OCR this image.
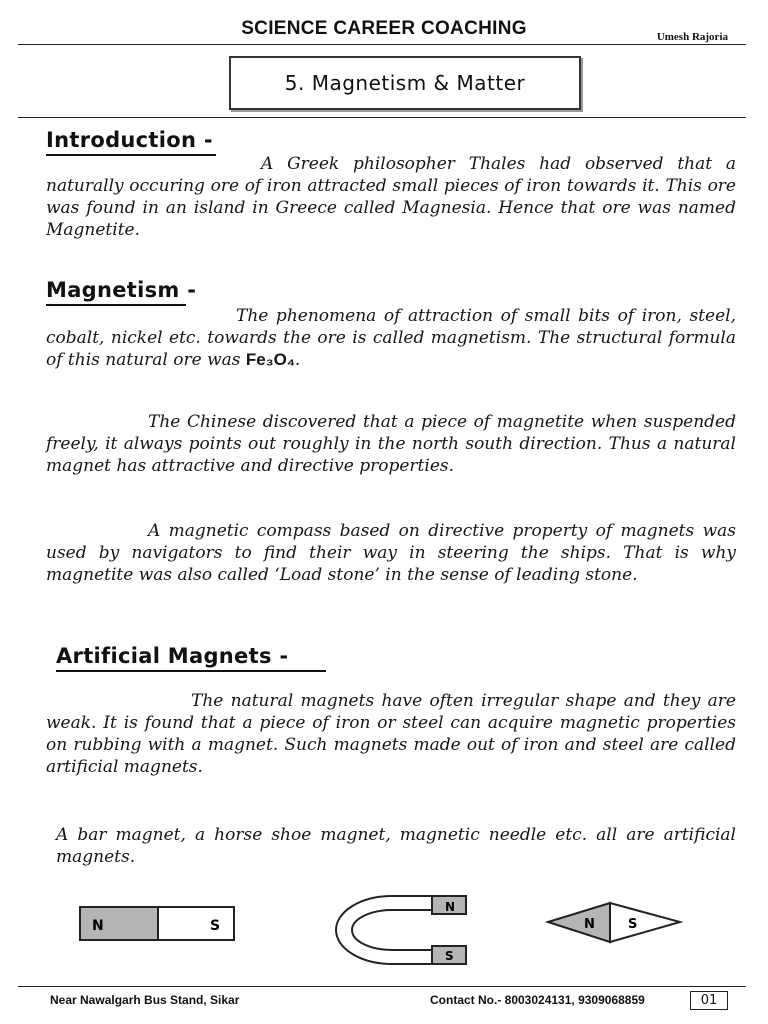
SCIENCE CAREER COACHING	Umesh Rajoria
5. Magnetism & Matter
Introduction -
A Greek philosopher Thales had observed that a naturally occuring ore of iron attracted small pieces of iron towards it. This ore was found in an island in Greece called Magnesia. Hence that ore was named Magnetite.
Magnetism -
The phenomena of attraction of small bits of iron, steel, cobalt, nickel etc. towards the ore is called magnetism. The structural formula of this natural ore was Fe₃O₄.
The Chinese discovered that a piece of magnetite when suspended freely, it always points out roughly in the north south direction. Thus a natural magnet has attractive and directive properties.
A magnetic compass based on directive property of magnets was used by navigators to find their way in steering the ships. That is why magnetite was also called ‘Load stone’ in the sense of leading stone.
Artificial Magnets -
The natural magnets have often irregular shape and they are weak. It is found that a piece of iron or steel can acquire magnetic properties on rubbing with a magnet. Such magnets made out of iron and steel are called artificial magnets.
A bar magnet, a horse shoe magnet, magnetic needle etc. all are artificial magnets.
N	S
N
S
N	S
Near Nawalgarh Bus Stand, Sikar	Contact No.- 8003024131, 9309068859	01
